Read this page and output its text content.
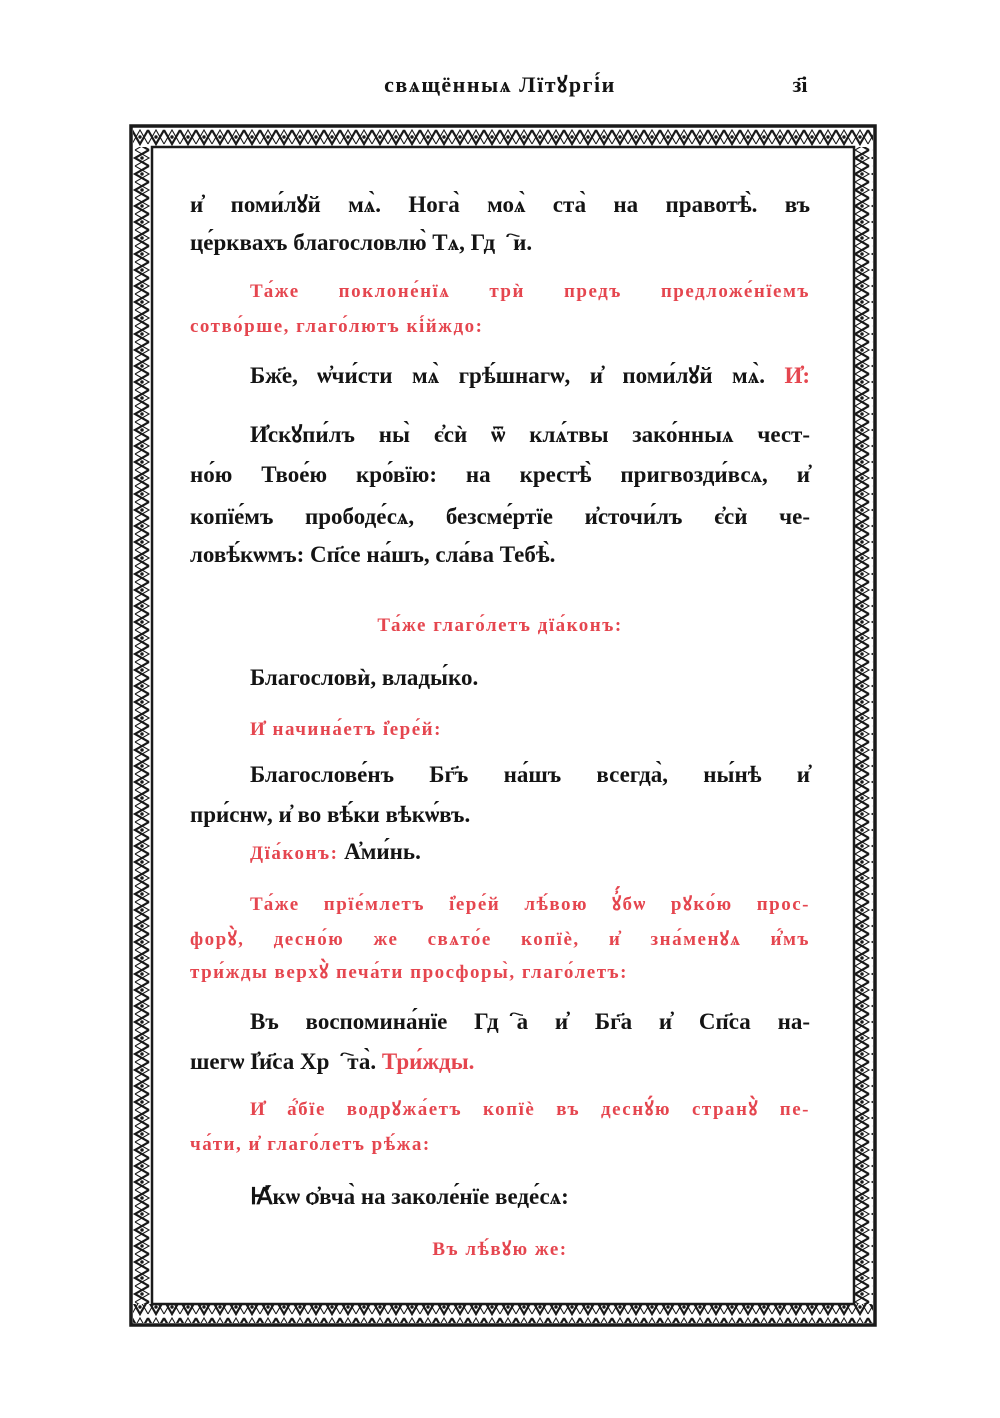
свѧщённыѧ Лїтꙋргі́и	з҃і
и҆ поми́лꙋй мѧ̀. Нога̀ моѧ̀ ста̀ на правотѣ̀. въ
це́рквахъ благословлю̀ Тѧ, Гдⷭ҇и.
Та́же поклоне́нїѧ трѝ предъ предложе́нїемъ
сотво́рше, глаго́лютъ кі́йждо:
Бж҃е, ѡ҆чи́сти мѧ̀ грѣ́шнагѡ, и҆ поми́лꙋй мѧ̀. И҆:
И҆скꙋпи́лъ ны̀ є҆сѝ ѿ клѧ́твы зако́нныѧ чест-
но́ю Твое́ю кро́вїю: на крестѣ̀ пригвозди́всѧ, и҆
копїе́мъ прободе́сѧ, безсме́ртїе и҆сточи́лъ є҆сѝ че-
ловѣ́кѡмъ: Сп҃се на́шъ, сла́ва Тебѣ̀.
Та́же глаго́летъ дїа́конъ:
Благословѝ, влады́ко.
И҆ начина́етъ і҆ере́й:
Благослове́нъ Бг҃ъ на́шъ всегда̀, ны́нѣ и҆
при́снѡ, и҆ во вѣ́ки вѣкѡ́въ.
Дїа́конъ: А҆ми́нь.
Та́же прїе́млетъ і҆ере́й лѣ́вою ꙋ҆́бѡ рꙋко́ю прос-
форꙋ̀, десно́ю же свѧто́е копїѐ, и҆ зна́менꙋѧ и҆́мъ
три́жды верхꙋ̀ печа́ти просфоры̀, глаго́летъ:
Въ воспомина́нїе Гдⷭ҇а и҆ Бг҃а и҆ Сп҃са на-
шегѡ І҆и҃са Хрⷭ҇та̀. Три́жды.
И҆ а҆́бїе водрꙋжа́етъ копїѐ въ деснꙋ́ю странꙋ̀ пе-
ча́ти, и҆ глаго́летъ рѣ́жа:
Ꙗ҆́кѡ ѻ҆вча̀ на заколе́нїе веде́сѧ:
Въ лѣ́вꙋю же:
